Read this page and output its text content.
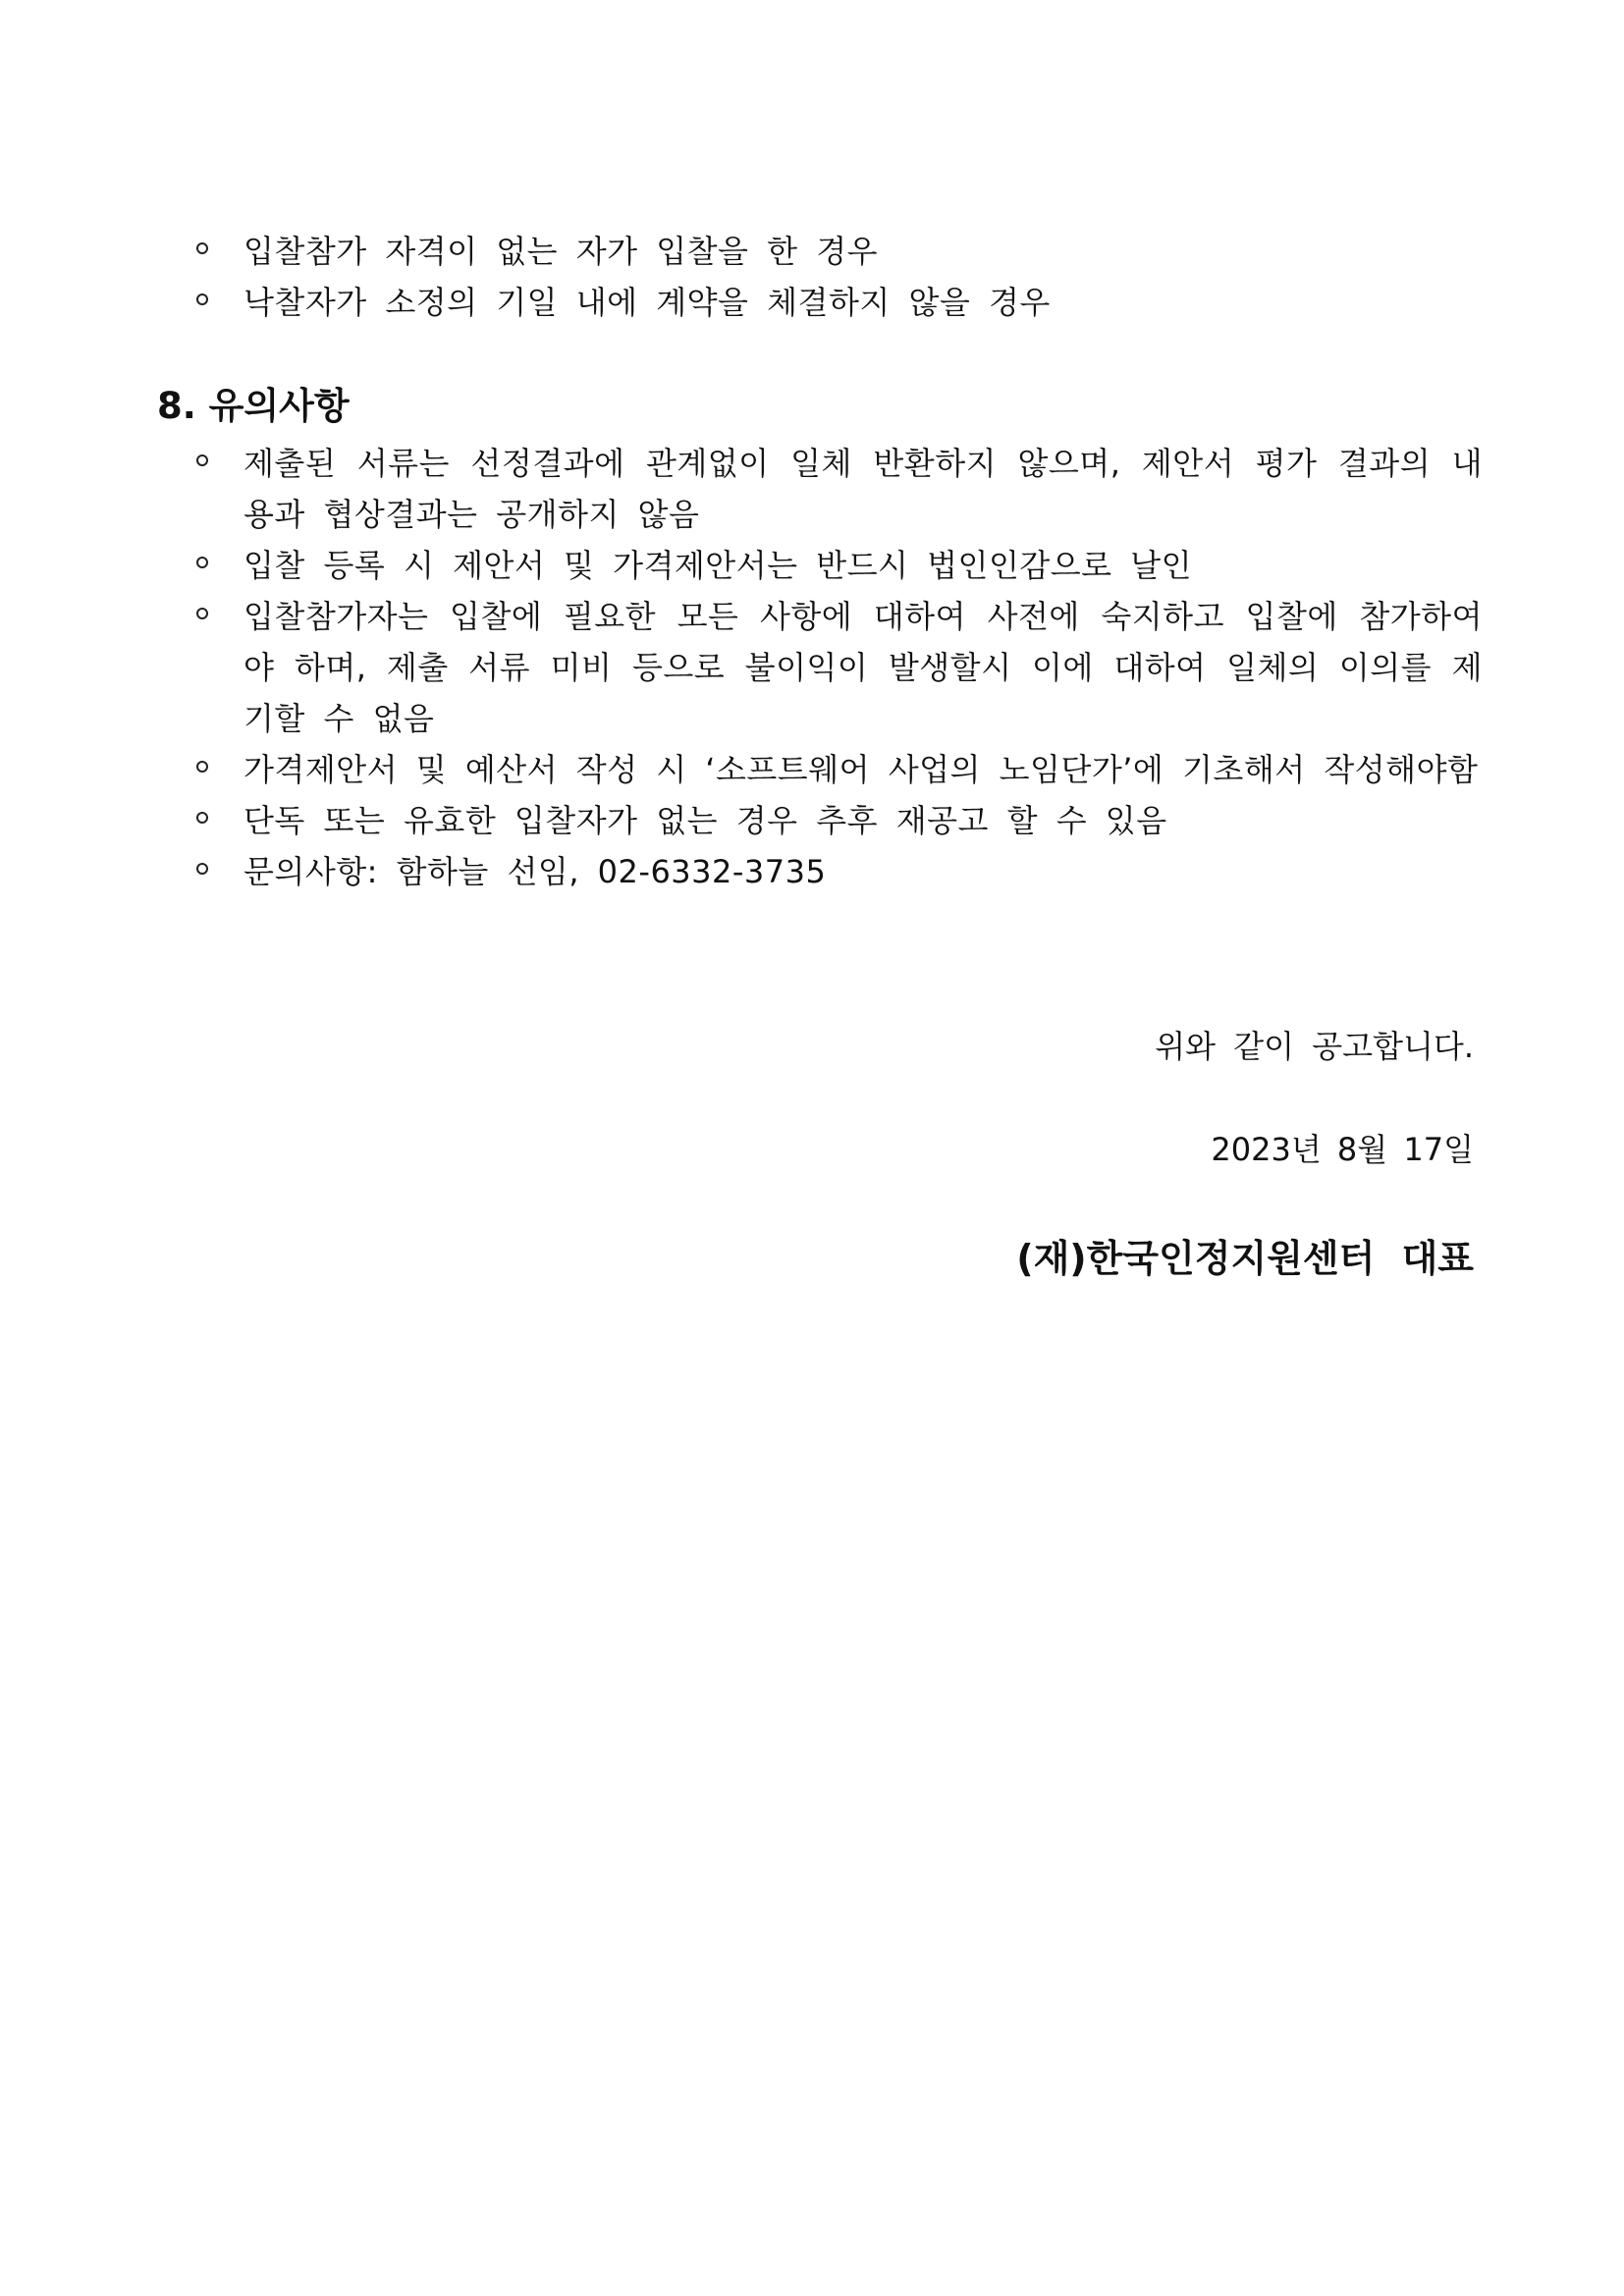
입찰참가 자격이 없는 자가 입찰을 한 경우
낙찰자가 소정의 기일 내에 계약을 체결하지 않을 경우
8. 유의사항
제출된 서류는 선정결과에 관계없이 일체 반환하지 않으며, 제안서 평가 결과의 내용과 협상결과는 공개하지 않음
입찰 등록 시 제안서 및 가격제안서는 반드시 법인인감으로 날인
입찰참가자는 입찰에 필요한 모든 사항에 대하여 사전에 숙지하고 입찰에 참가하여야 하며, 제출 서류 미비 등으로 불이익이 발생할시 이에 대하여 일체의 이의를 제기할 수 없음
가격제안서 및 예산서 작성 시 ‘소프트웨어 사업의 노임단가’에 기초해서 작성해야함
단독 또는 유효한 입찰자가 없는 경우 추후 재공고 할 수 있음
문의사항: 함하늘 선임, 02-6332-3735

위와 같이 공고합니다.

2023년 8월 17일

(재)한국인정지원센터 대표
